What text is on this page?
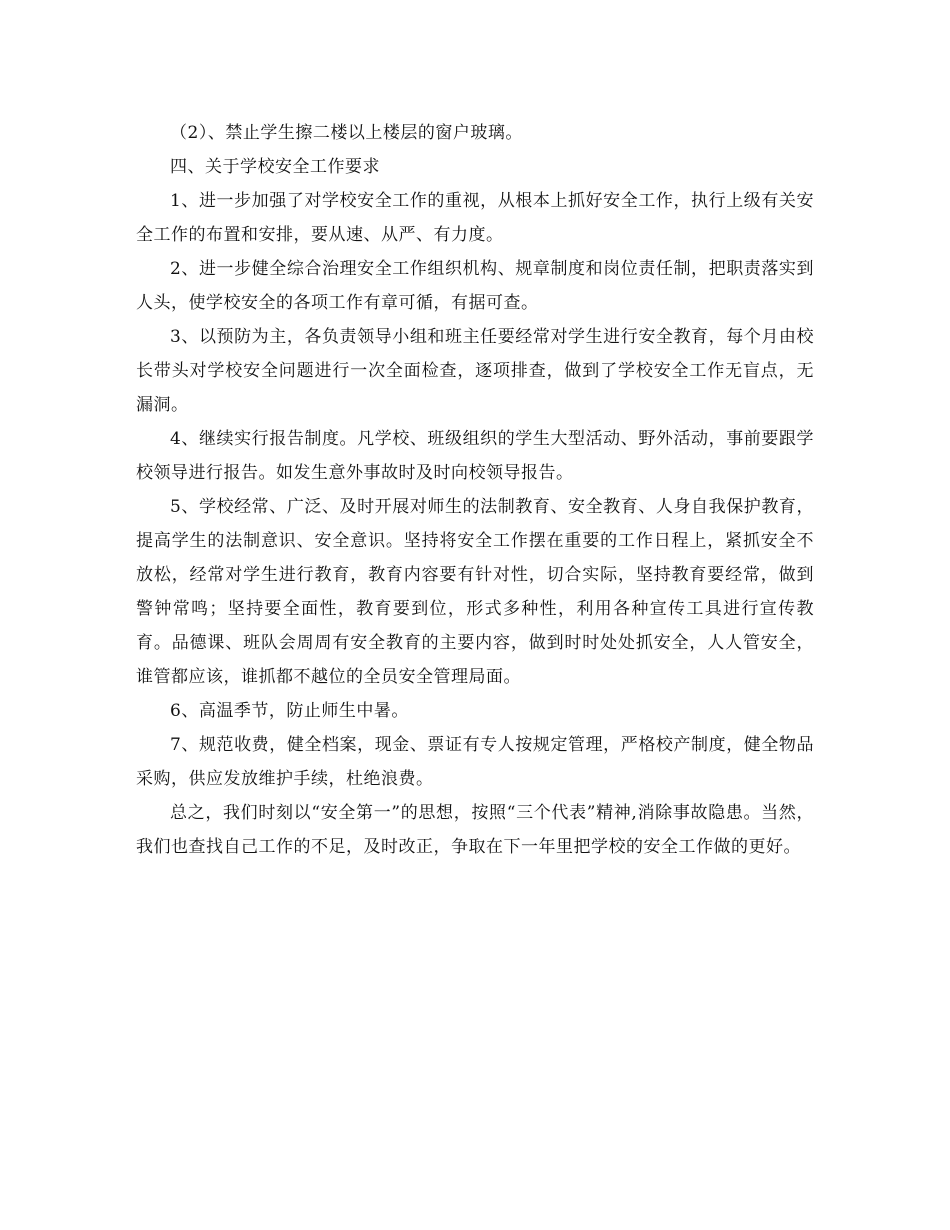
（2）、禁止学生擦二楼以上楼层的窗户玻璃。

四、关于学校安全工作要求

1、进一步加强了对学校安全工作的重视，从根本上抓好安全工作，执行上级有关安全工作的布置和安排，要从速、从严、有力度。

2、进一步健全综合治理安全工作组织机构、规章制度和岗位责任制，把职责落实到人头，使学校安全的各项工作有章可循，有据可查。

3、以预防为主，各负责领导小组和班主任要经常对学生进行安全教育，每个月由校长带头对学校安全问题进行一次全面检查，逐项排查，做到了学校安全工作无盲点，无漏洞。

4、继续实行报告制度。凡学校、班级组织的学生大型活动、野外活动，事前要跟学校领导进行报告。如发生意外事故时及时向校领导报告。

5、学校经常、广泛、及时开展对师生的法制教育、安全教育、人身自我保护教育，提高学生的法制意识、安全意识。坚持将安全工作摆在重要的工作日程上，紧抓安全不放松，经常对学生进行教育，教育内容要有针对性，切合实际，坚持教育要经常，做到警钟常鸣；坚持要全面性，教育要到位，形式多种性，利用各种宣传工具进行宣传教育。品德课、班队会周周有安全教育的主要内容，做到时时处处抓安全，人人管安全，谁管都应该，谁抓都不越位的全员安全管理局面。

6、高温季节，防止师生中暑。

7、规范收费，健全档案，现金、票证有专人按规定管理，严格校产制度，健全物品采购，供应发放维护手续，杜绝浪费。

总之，我们时刻以“安全第一”的思想，按照“三个代表”精神,消除事故隐患。当然，我们也查找自己工作的不足，及时改正，争取在下一年里把学校的安全工作做的更好。
